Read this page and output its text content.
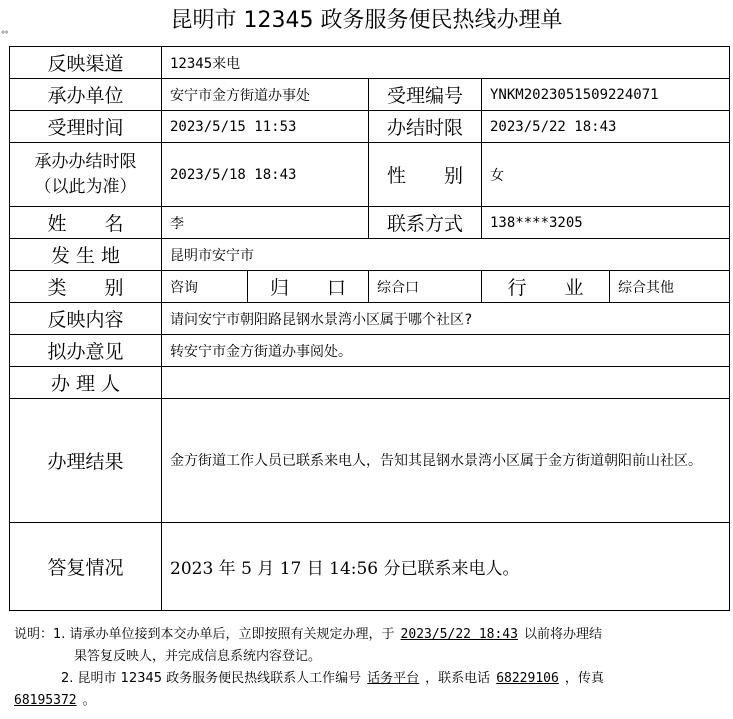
昆明市 12345 政务服务便民热线办理单
⇔
反映渠道	12345来电				
承办单位	安宁市金方街道办事处		受理编号	YNKM2023051509224071	
受理时间	2023/5/15 11:53		办结时限	2023/5/22 18:43	
承办办结时限
（以此为准）	2023/5/18 18:43		性　　别	女	
姓　　名	李		联系方式	138****3205	
发 生 地	昆明市安宁市				
类　　别	咨询	归　　口	综合口	行　　业	综合其他
反映内容	请问安宁市朝阳路昆钢水景湾小区属于哪个社区?				
拟办意见	转安宁市金方街道办事阅处。				
办 理 人					
办理结果	金方街道工作人员已联系来电人，告知其昆钢水景湾小区属于金方街道朝阳前山社区。				

答复情况	2023 年 5 月 17 日 14:56 分已联系来电人。				
说明：1. 请承办单位接到本交办单后，立即按照有关规定办理，于 2023/5/22 18:43 以前将办理结
果答复反映人，并完成信息系统内容登记。
2. 昆明市 12345 政务服务便民热线联系人工作编号 话务平台 ，联系电话 68229106 ，传真
68195372 。
